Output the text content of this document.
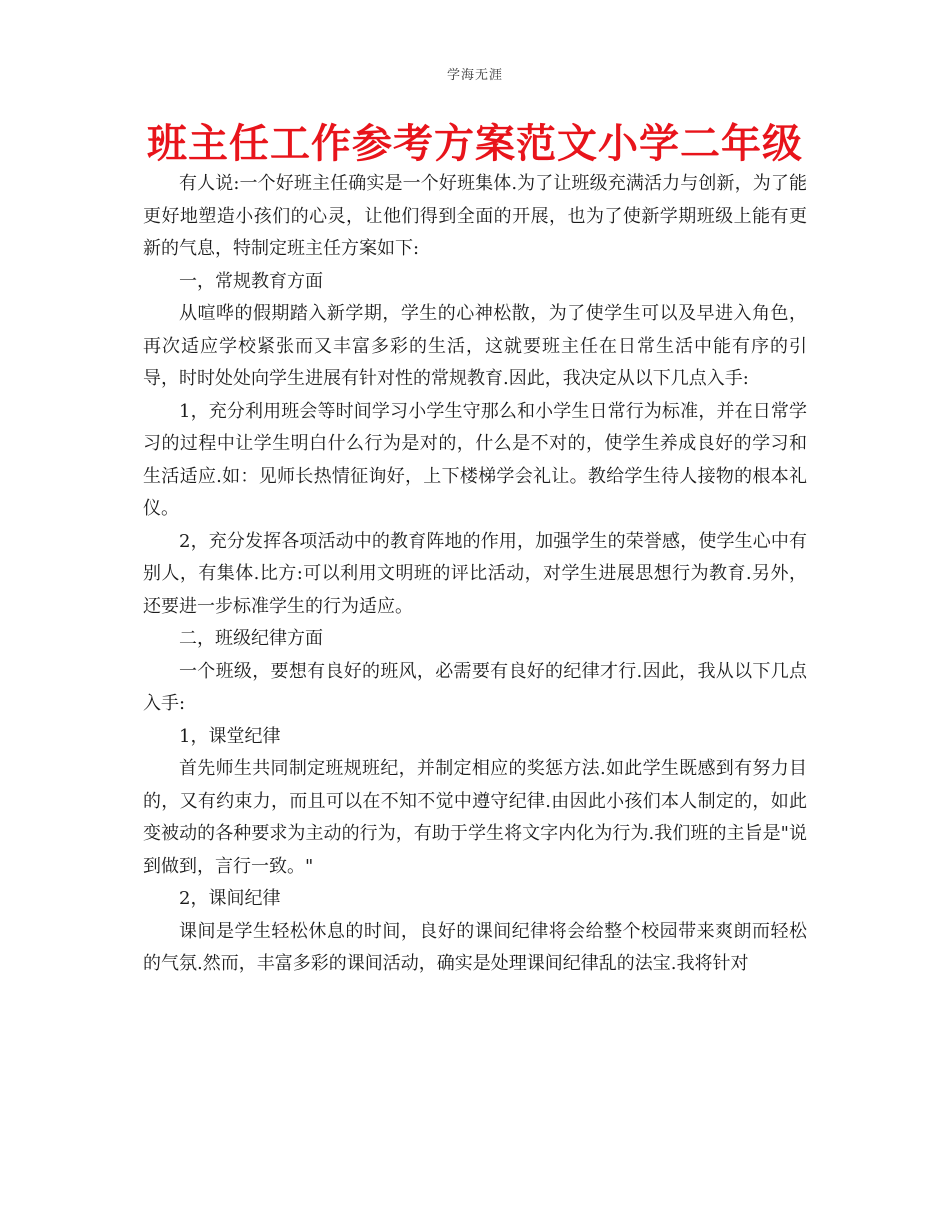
学海无涯
班主任工作参考方案范文小学二年级

有人说:一个好班主任确实是一个好班集体.为了让班级充满活力与创新，为了能更好地塑造小孩们的心灵，让他们得到全面的开展，也为了使新学期班级上能有更新的气息，特制定班主任方案如下:

一，常规教育方面

从喧哗的假期踏入新学期，学生的心神松散，为了使学生可以及早进入角色，再次适应学校紧张而又丰富多彩的生活，这就要班主任在日常生活中能有序的引导，时时处处向学生进展有针对性的常规教育.因此，我决定从以下几点入手:

1，充分利用班会等时间学习小学生守那么和小学生日常行为标准，并在日常学习的过程中让学生明白什么行为是对的，什么是不对的，使学生养成良好的学习和生活适应.如：见师长热情征询好，上下楼梯学会礼让。教给学生待人接物的根本礼仪。

2，充分发挥各项活动中的教育阵地的作用，加强学生的荣誉感，使学生心中有别人，有集体.比方:可以利用文明班的评比活动，对学生进展思想行为教育.另外，还要进一步标准学生的行为适应。

二，班级纪律方面

一个班级，要想有良好的班风，必需要有良好的纪律才行.因此，我从以下几点入手:

1，课堂纪律

首先师生共同制定班规班纪，并制定相应的奖惩方法.如此学生既感到有努力目的，又有约束力，而且可以在不知不觉中遵守纪律.由因此小孩们本人制定的，如此变被动的各种要求为主动的行为，有助于学生将文字内化为行为.我们班的主旨是"说到做到，言行一致。"

2，课间纪律

课间是学生轻松休息的时间，良好的课间纪律将会给整个校园带来爽朗而轻松的气氛.然而，丰富多彩的课间活动，确实是处理课间纪律乱的法宝.我将针对
